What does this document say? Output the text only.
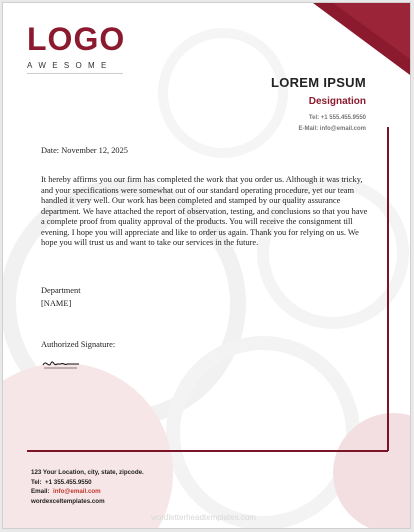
LOGO
AWESOME
LOREM IPSUM
Designation
Tel: +1 555.455.9550
E-Mail: info@email.com
Date: November 12, 2025
It hereby affirms you our firm has completed the work that you order us. Although it was tricky, and your specifications were somewhat out of our standard operating procedure, yet our team handled it very well. Our work has been completed and stamped by our quality assurance department. We have attached the report of observation, testing, and conclusions so that you have a complete proof from quality approval of the products. You will receive the consignment till evening. I hope you will appreciate and like to order us again. Thank you for relying on us. We hope you will trust us and want to take our services in the future.
Department
[NAME]
Authorized Signature:
123 Your Location, city, state, zipcode.
Tel: +1 355.455.9550
Email: info@email.com
wordexceltemplates.com
wordletterheadtemplates.com
